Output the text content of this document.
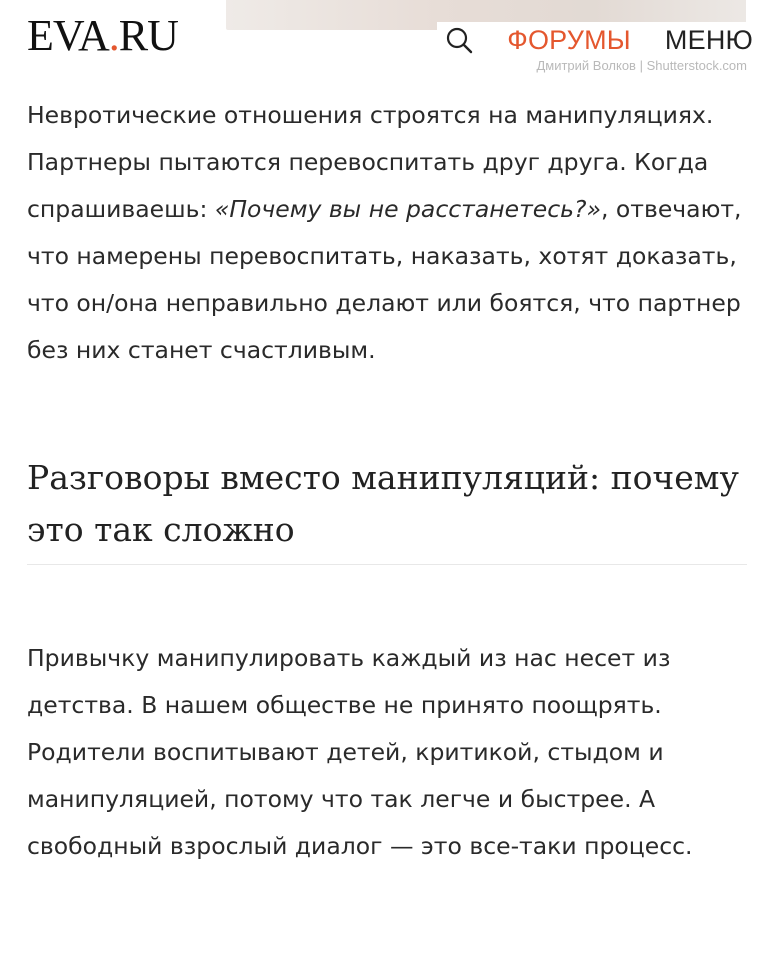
Дмитрий Волков | Shutterstock.com
EVA.RU	ФОРУМЫ МЕНЮ

Невротические отношения строятся на манипуляциях. Партнеры пытаются перевоспитать друг друга. Когда спрашиваешь: «Почему вы не расстанетесь?», отвечают, что намерены перевоспитать, наказать, хотят доказать, что он/она неправильно делают или боятся, что партнер без них станет счастливым.

Разговоры вместо манипуляций: почему это так сложно

Привычку манипулировать каждый из нас несет из детства. В нашем обществе не принято поощрять. Родители воспитывают детей, критикой, стыдом и манипуляцией, потому что так легче и быстрее. А свободный взрослый диалог — это все-таки процесс.
